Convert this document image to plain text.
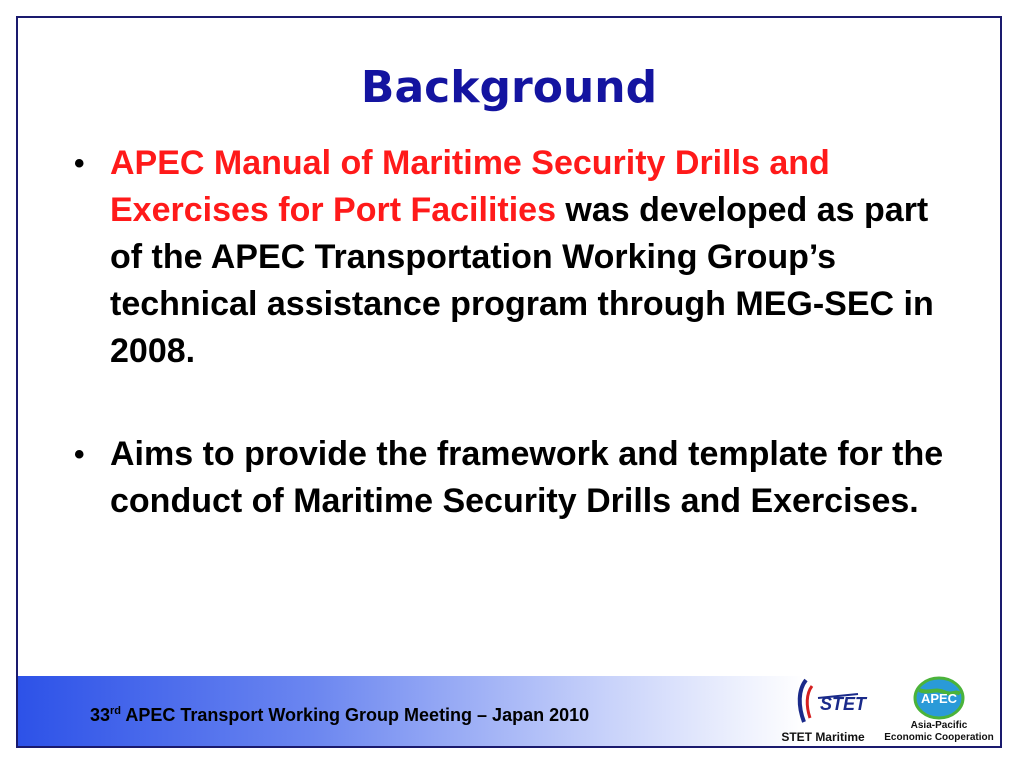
Background
• APEC Manual of Maritime Security Drills and Exercises for Port Facilities was developed as part of the APEC Transportation Working Group’s technical assistance program through MEG-SEC in 2008.
• Aims to provide the framework and template for the conduct of Maritime Security Drills and Exercises.
33rd APEC Transport Working Group Meeting – Japan 2010
STET
STET Maritime
APEC
Asia-Pacific
Economic Cooperation
